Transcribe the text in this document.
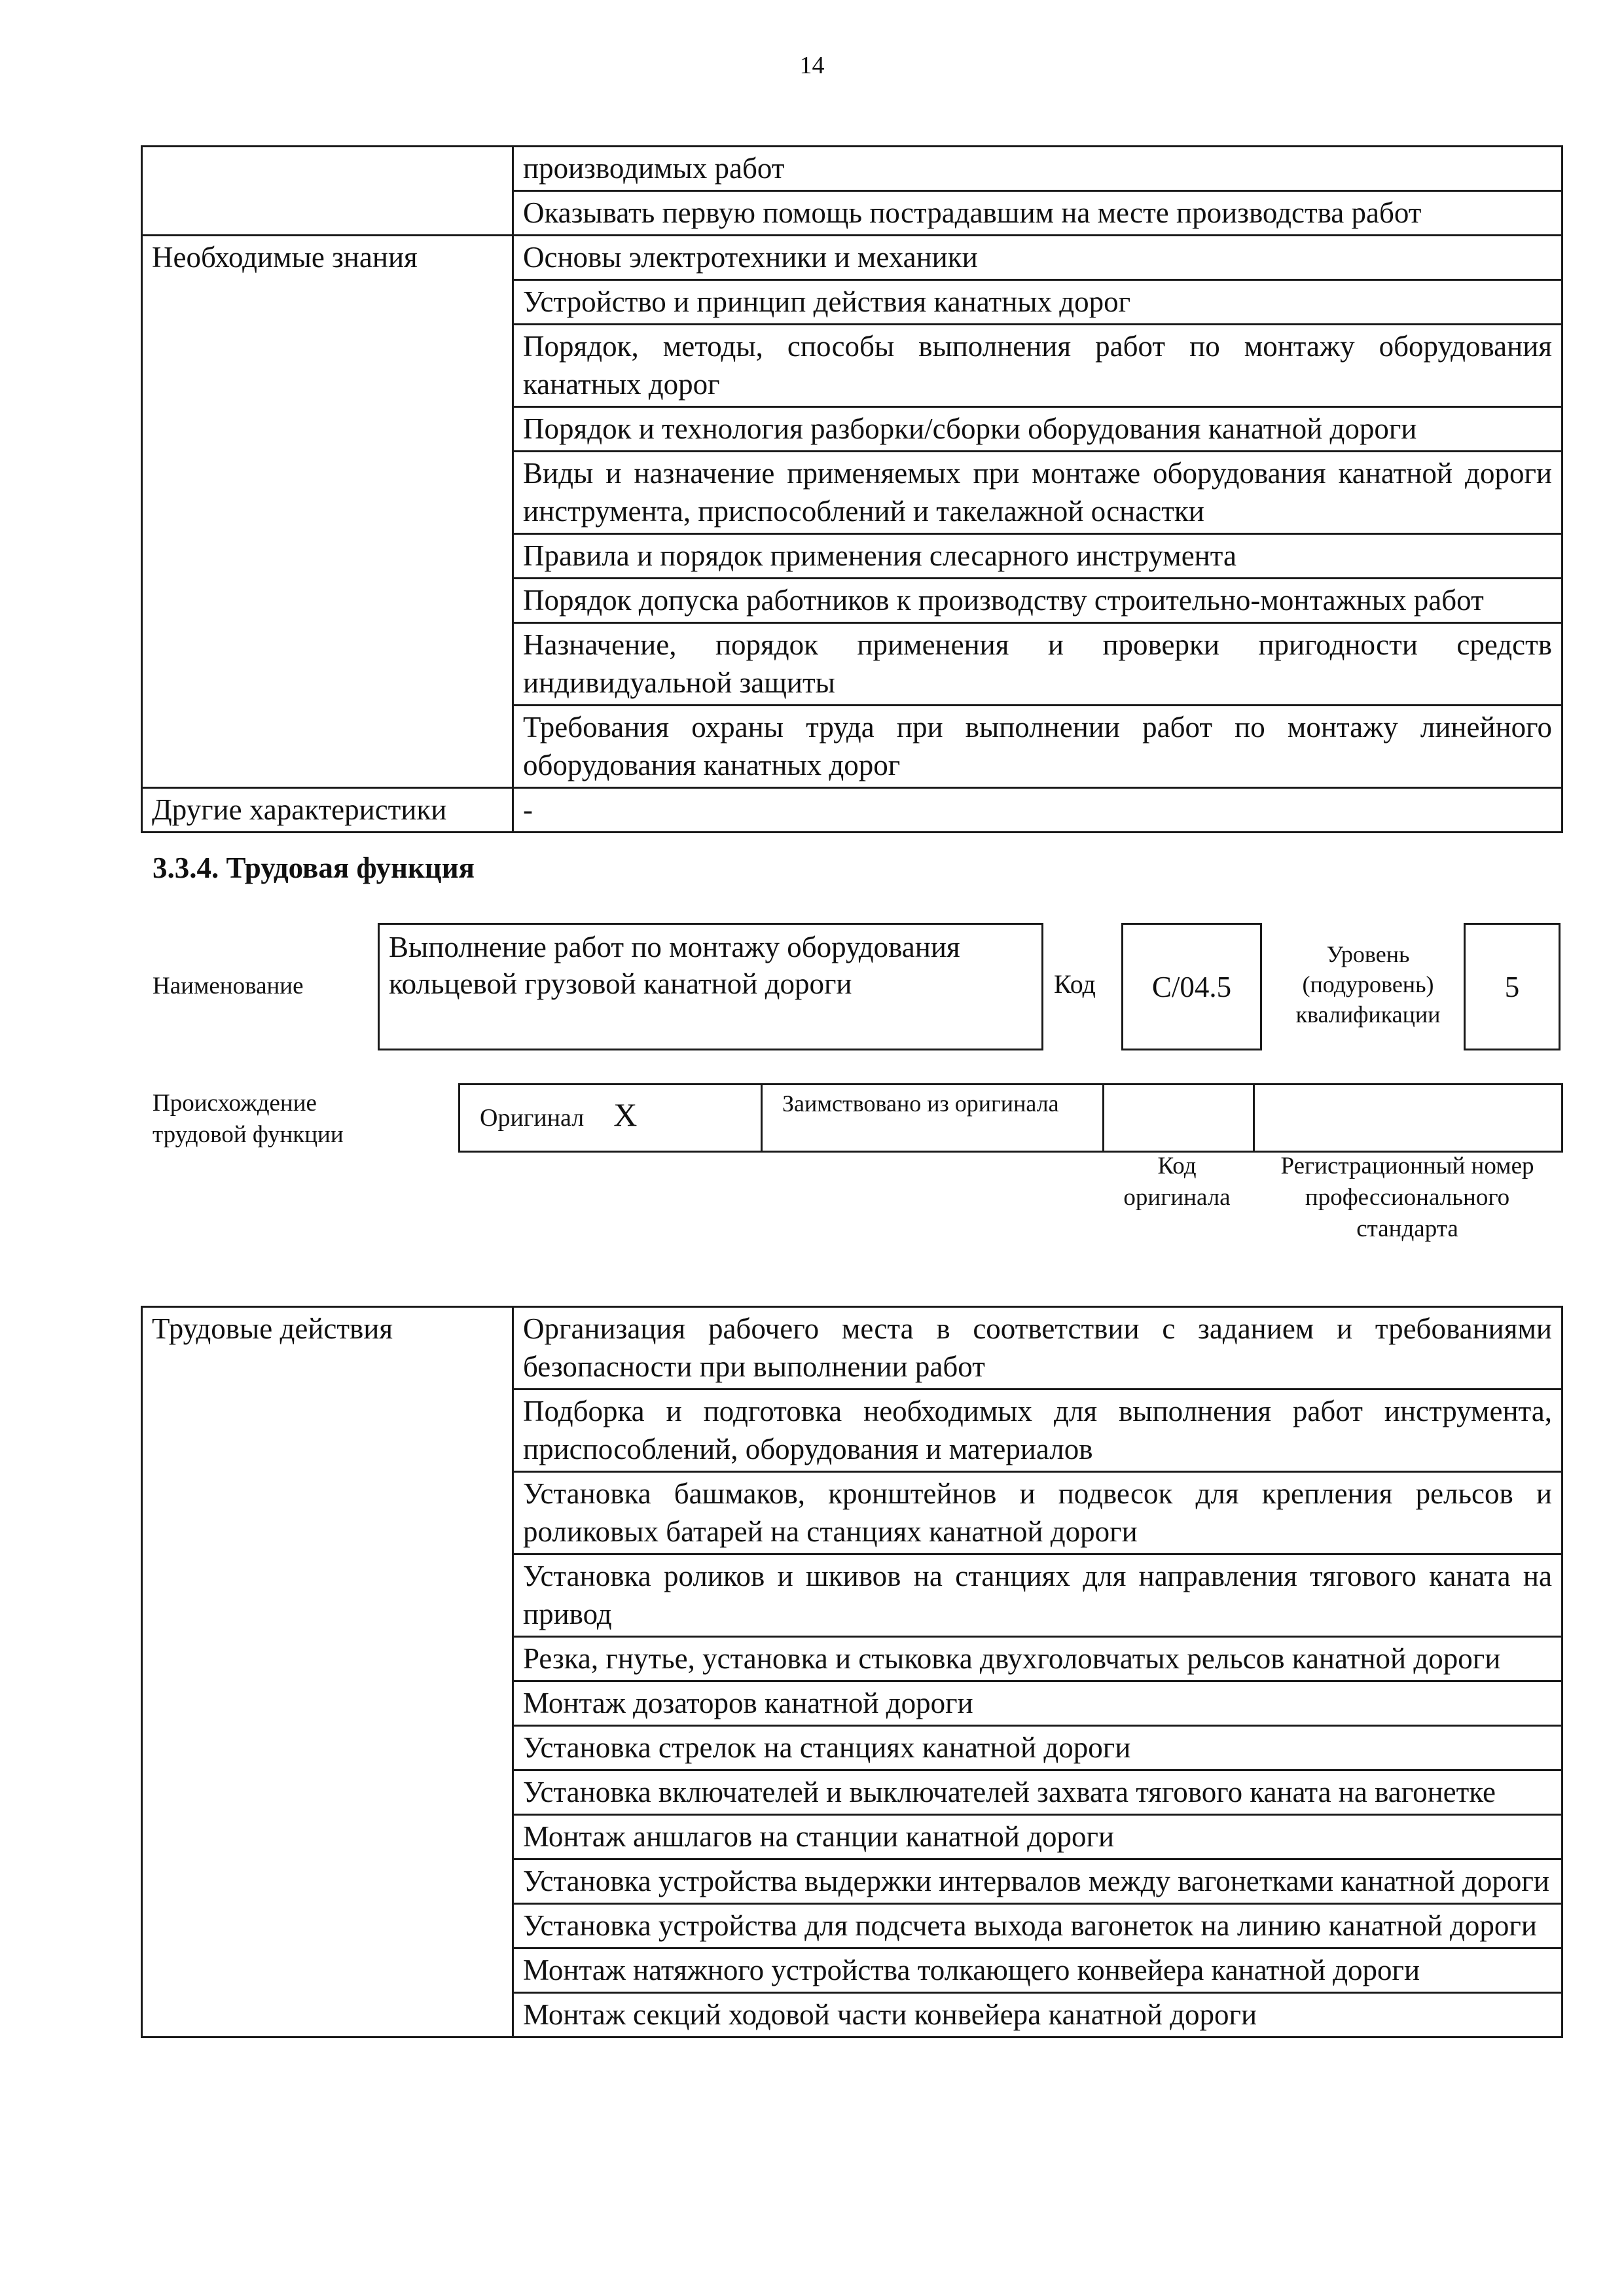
14
	производимых работ
	Оказывать первую помощь пострадавшим на месте производства работ
Необходимые знания	Основы электротехники и механики
	Устройство и принцип действия канатных дорог
	Порядок, методы, способы выполнения работ по монтажу оборудования канатных дорог
	Порядок и технология разборки/сборки оборудования канатной дороги
	Виды и назначение применяемых при монтаже оборудования канатной дороги инструмента, приспособлений и такелажной оснастки
	Правила и порядок применения слесарного инструмента
	Порядок допуска работников к производству строительно-монтажных работ
	Назначение, порядок применения и проверки пригодности средств индивидуальной защиты
	Требования охраны труда при выполнении работ по монтажу линейного оборудования канатных дорог
Другие характеристики	-
3.3.4. Трудовая функция
Наименование
Выполнение работ по монтажу оборудования кольцевой грузовой канатной дороги	Код	C/04.5
Уровень (подуровень) квалификации
5
Происхождение трудовой функции
Оригинал X	Заимствовано из оригинала

Код оригинала
Регистрационный номер профессионального стандарта
Трудовые действия	Организация рабочего места в соответствии с заданием и требованиями безопасности при выполнении работ
Подборка и подготовка необходимых для выполнения работ инструмента, приспособлений, оборудования и материалов
Установка башмаков, кронштейнов и подвесок для крепления рельсов и роликовых батарей на станциях канатной дороги
Установка роликов и шкивов на станциях для направления тягового каната на привод
Резка, гнутье, установка и стыковка двухголовчатых рельсов канатной дороги
Монтаж дозаторов канатной дороги
Установка стрелок на станциях канатной дороги
Установка включателей и выключателей захвата тягового каната на вагонетке
Монтаж аншлагов на станции канатной дороги
Установка устройства выдержки интервалов между вагонетками канатной дороги
Установка устройства для подсчета выхода вагонеток на линию канатной дороги
Монтаж натяжного устройства толкающего конвейера канатной дороги
Монтаж секций ходовой части конвейера канатной дороги
